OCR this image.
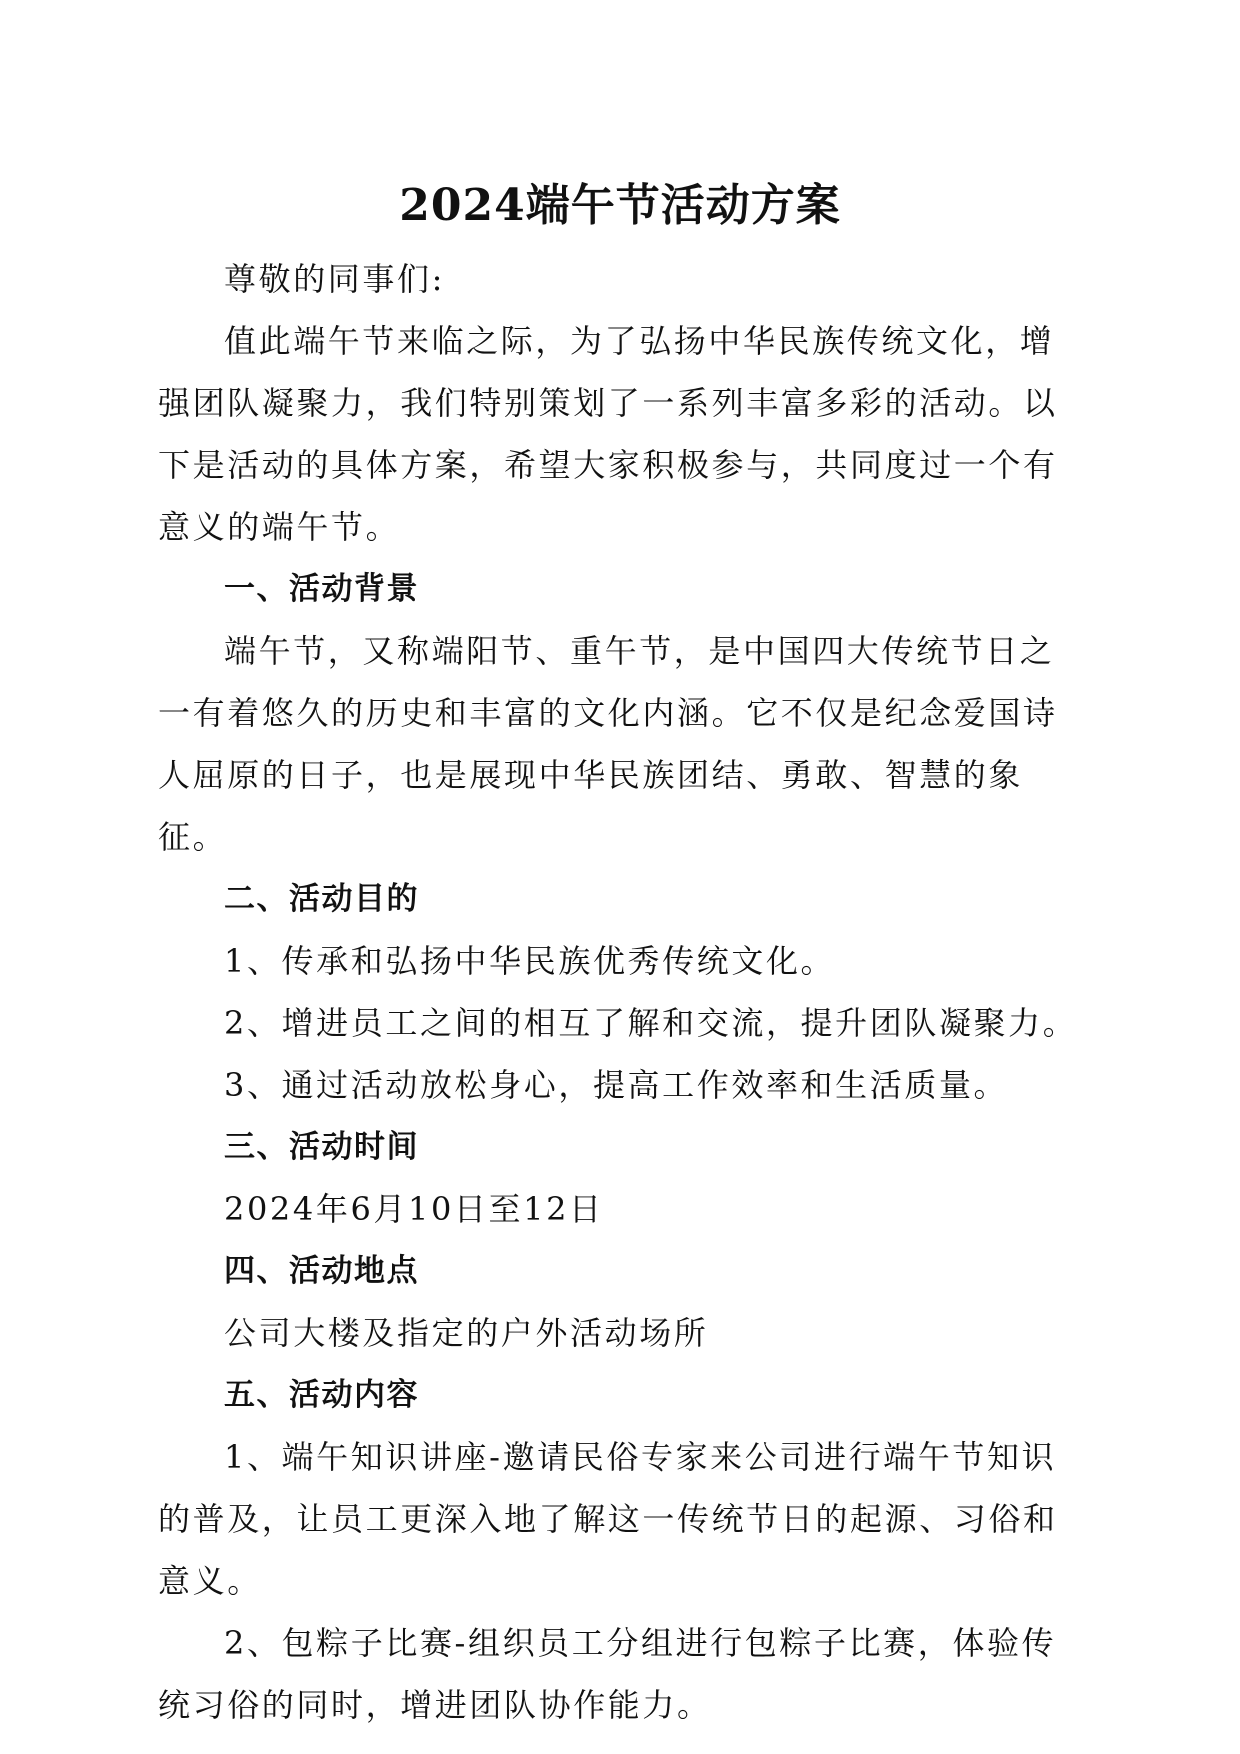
2024端午节活动方案

尊敬的同事们:

值此端午节来临之际，为了弘扬中华民族传统文化，增强团队凝聚力，我们特别策划了一系列丰富多彩的活动。以下是活动的具体方案，希望大家积极参与，共同度过一个有意义的端午节。

一、活动背景

端午节，又称端阳节、重午节，是中国四大传统节日之一有着悠久的历史和丰富的文化内涵。它不仅是纪念爱国诗人屈原的日子，也是展现中华民族团结、勇敢、智慧的象征。

二、活动目的

1、传承和弘扬中华民族优秀传统文化。

2、增进员工之间的相互了解和交流，提升团队凝聚力。

3、通过活动放松身心，提高工作效率和生活质量。

三、活动时间

2024年6月10日至12日

四、活动地点

公司大楼及指定的户外活动场所

五、活动内容

1、端午知识讲座-邀请民俗专家来公司进行端午节知识的普及，让员工更深入地了解这一传统节日的起源、习俗和意义。

2、包粽子比赛-组织员工分组进行包粽子比赛，体验传统习俗的同时，增进团队协作能力。
